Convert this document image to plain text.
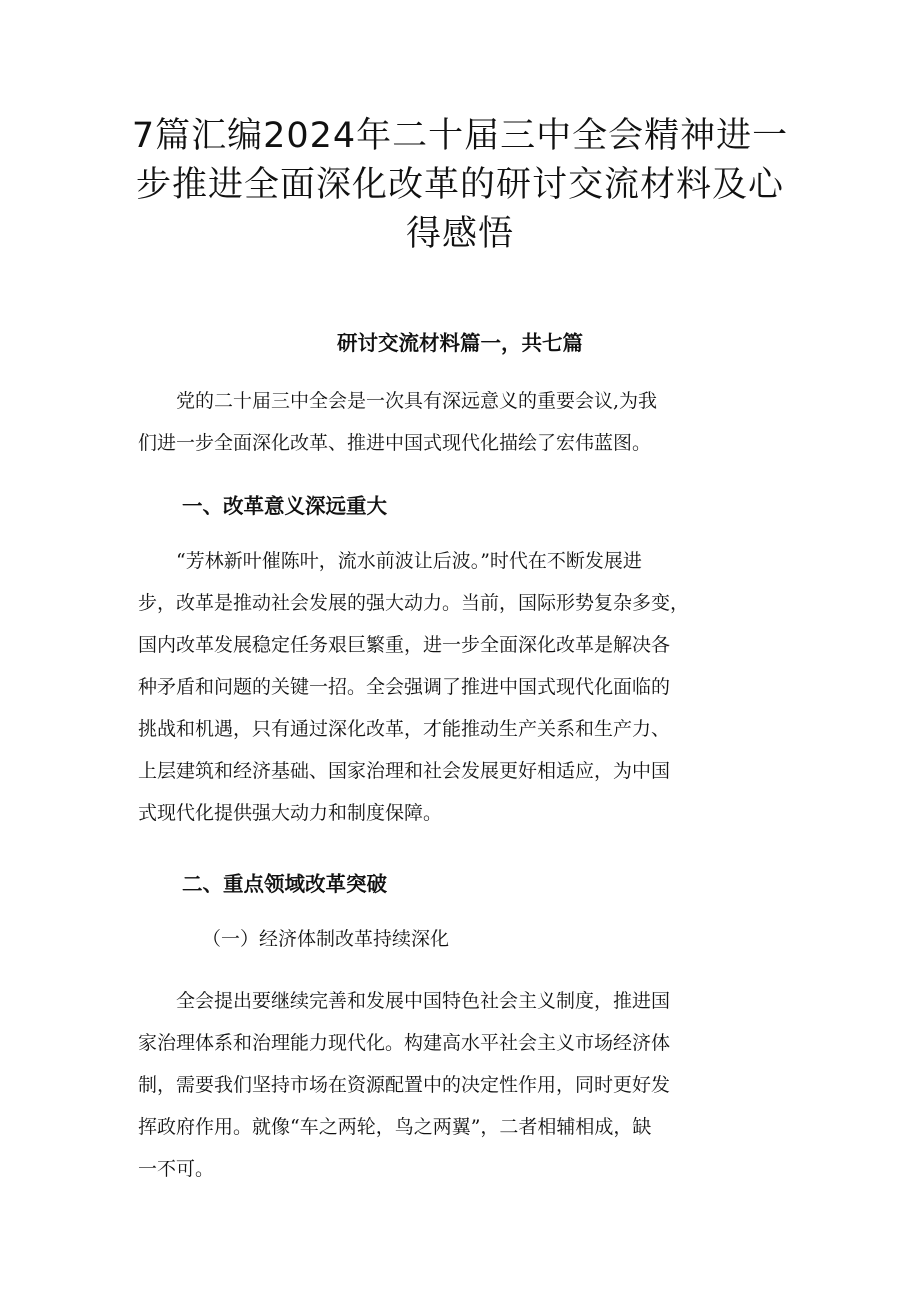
7篇汇编2024年二十届三中全会精神进一
步推进全面深化改革的研讨交流材料及心
得感悟
研讨交流材料篇一，共七篇
党的二十届三中全会是一次具有深远意义的重要会议,为我
们进一步全面深化改革、推进中国式现代化描绘了宏伟蓝图。
一、改革意义深远重大
“芳林新叶催陈叶，流水前波让后波。”时代在不断发展进
步，改革是推动社会发展的强大动力。当前，国际形势复杂多变，
国内改革发展稳定任务艰巨繁重，进一步全面深化改革是解决各
种矛盾和问题的关键一招。全会强调了推进中国式现代化面临的
挑战和机遇，只有通过深化改革，才能推动生产关系和生产力、
上层建筑和经济基础、国家治理和社会发展更好相适应，为中国
式现代化提供强大动力和制度保障。
二、重点领域改革突破
（一）经济体制改革持续深化
全会提出要继续完善和发展中国特色社会主义制度，推进国
家治理体系和治理能力现代化。构建高水平社会主义市场经济体
制，需要我们坚持市场在资源配置中的决定性作用，同时更好发
挥政府作用。就像“车之两轮，鸟之两翼”，二者相辅相成，缺
一不可。
